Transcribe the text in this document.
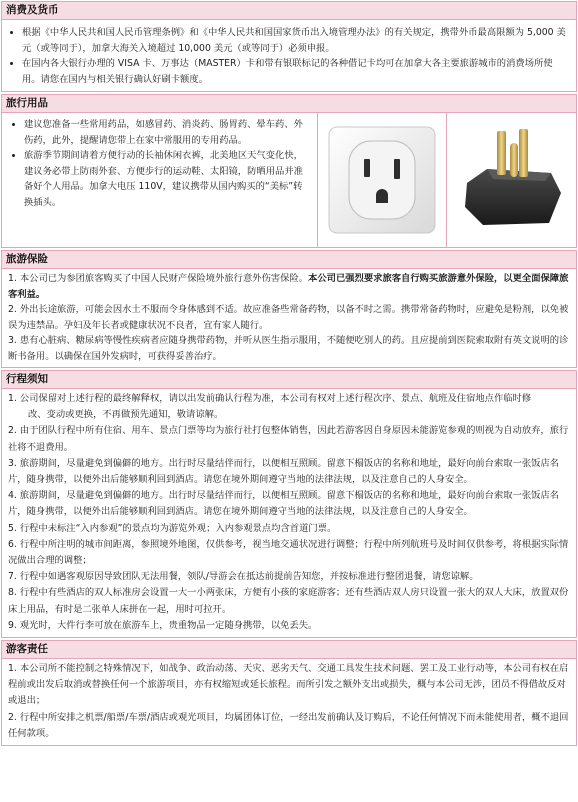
消费及货币
• 根据《中华人民共和国人民币管理条例》和《中华人民共和国国家货币出入境管理办法》的有关规定，携带外币最高限额为 5,000 美元（或等同于），加拿大海关入境超过 10,000 美元（或等同于）必须申报。
• 在国内各大银行办理的 VISA 卡、万事达（MASTER）卡和带有银联标记的各种借记卡均可在加拿大各主要旅游城市的消费场所使用。请您在国内与相关银行确认好刷卡额度。
旅行用品
• 建议您准备一些常用药品，如感冒药、消炎药、肠胃药、晕车药、外伤药，此外，提醒请您带上在家中常服用的专用药品。
• 旅游季节期间请着方便行动的长袖休闲衣裤，北美地区天气变化快，建议务必带上防雨外套、方便步行的运动鞋、太阳镜，防晒用品并准备好个人用品。加拿大电压 110V，建议携带从国内购买的“美标”转换插头。
旅游保险
1. 本公司已为参团旅客购买了中国人民财产保险境外旅行意外伤害保险。本公司已强烈要求旅客自行购买旅游意外保险，以更全面保障旅客利益。
2. 外出长途旅游，可能会因水土不服而令身体感到不适。故应准备些常备药物，以备不时之需。携带常备药物时，应避免是粉剂，以免被误为违禁品。孕妇及年长者或健康状况不良者，宜有家人随行。
3. 患有心脏病、糖尿病等慢性疾病者应随身携带药物，并听从医生指示服用，不随便吃别人的药。且应提前到医院索取附有英文说明的诊断书备用。以确保在国外发病时，可获得妥善治疗。
行程须知
1. 公司保留对上述行程的最终解释权，请以出发前确认行程为准，本公司有权对上述行程次序、景点、航班及住宿地点作临时修
改、变动或更换，不再做预先通知，敬请谅解。
2. 由于团队行程中所有住宿、用车、景点门票等均为旅行社打包整体销售，因此若游客因自身原因未能游览参观的则视为自动放弃，旅行社将不退费用。
3. 旅游期间，尽量避免到偏僻的地方。出行时尽量结伴而行，以便相互照顾。留意下榻饭店的名称和地址，最好向前台索取一张饭店名片，随身携带，以便外出后能够顺利回到酒店。请您在境外期间遵守当地的法律法规，以及注意自己的人身安全。
4. 旅游期间，尽量避免到偏僻的地方。出行时尽量结伴而行，以便相互照顾。留意下榻饭店的名称和地址，最好向前台索取一张饭店名片，随身携带，以便外出后能够顺利回到酒店。请您在境外期间遵守当地的法律法规，以及注意自己的人身安全。
5. 行程中未标注“入内参观”的景点均为游览外观；入内参观景点均含首道门票。
6. 行程中所注明的城市间距离，参照境外地图，仅供参考，视当地交通状况进行调整；行程中所列航班号及时间仅供参考，将根据实际情况做出合理的调整；
7. 行程中如遇客观原因导致团队无法用餐，领队/导游会在抵达前提前告知您，并按标准进行整团退餐，请您谅解。
8. 行程中有些酒店的双人标准房会设置一大一小两张床，方便有小孩的家庭游客；还有些酒店双人房只设置一张大的双人大床，放置双份床上用品，有时是二张单人床拼在一起，用时可拉开。
9. 观光时，大件行李可放在旅游车上，贵重物品一定随身携带，以免丢失。
游客责任
1. 本公司所不能控制之特殊情况下，如战争、政治动荡、天灾、恶劣天气、交通工具发生技术问题、罢工及工业行动等，本公司有权在启程前或出发后取消或替换任何一个旅游项目，亦有权缩短或延长旅程。而所引发之额外支出或损失，概与本公司无涉，团员不得借故反对或退出；
2. 行程中所安排之机票/船票/车票/酒店或观光项目，均属团体订位，一经出发前确认及订购后，不论任何情况下而未能使用者，概不退回任何款项。
